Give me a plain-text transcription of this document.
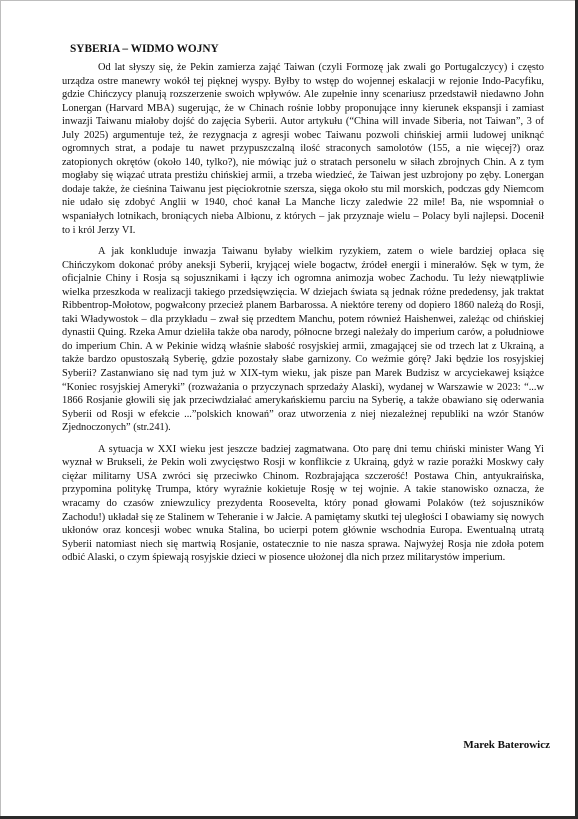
SYBERIA – WIDMO WOJNY

Od lat słyszy się, że Pekin zamierza zająć Taiwan (czyli Formozę jak zwali go Portugalczycy) i często urządza ostre manewry wokół tej pięknej wyspy. Byłby to wstęp do wojennej eskalacji w rejonie Indo-Pacyfiku, gdzie Chińczycy planują rozszerzenie swoich wpływów. Ale zupełnie inny scenariusz przedstawił niedawno John Lonergan (Harvard MBA) sugerując, że w Chinach rośnie lobby proponujące inny kierunek ekspansji i zamiast inwazji Taiwanu miałoby dojść do zajęcia Syberii. Autor artykułu (“China will invade Siberia, not Taiwan”, 3 of July 2025) argumentuje też, że rezygnacja z agresji wobec Taiwanu pozwoli chińskiej armii ludowej uniknąć ogromnych strat, a podaje tu nawet przypuszczalną ilość straconych samolotów (155, a nie więcej?) oraz zatopionych okrętów (około 140, tylko?), nie mówiąc już o stratach personelu w siłach zbrojnych Chin. A z tym mogłaby się wiązać utrata prestiżu chińskiej armii, a trzeba wiedzieć, że Taiwan jest uzbrojony po zęby. Lonergan dodaje także, że cieśnina Taiwanu jest pięciokrotnie szersza, sięga około stu mil morskich, podczas gdy Niemcom nie udało się zdobyć Anglii w 1940, choć kanał La Manche liczy zaledwie 22 mile! Ba, nie wspomniał o wspaniałych lotnikach, broniących nieba Albionu, z których – jak przyznaje wielu – Polacy byli najlepsi. Docenił to i król Jerzy VI.

A jak konkluduje inwazja Taiwanu byłaby wielkim ryzykiem, zatem o wiele bardziej opłaca się Chińczykom dokonać próby aneksji Syberii, kryjącej wiele bogactw, źródeł energii i minerałów. Sęk w tym, że oficjalnie Chiny i Rosja są sojusznikami i łączy ich ogromna animozja wobec Zachodu. Tu leży niewątpliwie wielka przeszkoda w realizacji takiego przedsięwzięcia. W dziejach świata są jednak różne prededensy, jak traktat Ribbentrop-Mołotow, pogwałcony przecież planem Barbarossa. A niektóre tereny od dopiero 1860 należą do Rosji, taki Władywostok – dla przykładu – zwał się przedtem Manchu, potem również Haishenwei, zależąc od chińskiej dynastii Quing. Rzeka Amur dzieliła także oba narody, północne brzegi należały do imperium carów, a południowe do imperium Chin. A w Pekinie widzą właśnie słabość rosyjskiej armii, zmagającej sie od trzech lat z Ukrainą, a także bardzo opustoszałą Syberię, gdzie pozostały słabe garnizony. Co weźmie górę? Jaki będzie los rosyjskiej Syberii? Zastanwiano się nad tym już w XIX-tym wieku, jak pisze pan Marek Budzisz w arcyciekawej książce “Koniec rosyjskiej Ameryki” (rozważania o przyczynach sprzedaży Alaski), wydanej w Warszawie w 2023: “...w 1866 Rosjanie głowili się jak przeciwdziałać amerykańskiemu parciu na Syberię, a także obawiano się oderwania Syberii od Rosji w efekcie ...”polskich knowań” oraz utworzenia z niej niezależnej republiki na wzór Stanów Zjednoczonych” (str.241).

A sytuacja w XXI wieku jest jeszcze badziej zagmatwana. Oto parę dni temu chiński minister Wang Yi wyznał w Brukseli, że Pekin woli zwycięstwo Rosji w konflikcie z Ukrainą, gdyż w razie porażki Moskwy cały ciężar militarny USA zwróci się przeciwko Chinom. Rozbrajająca szczerość! Postawa Chin, antyukraińska, przypomina politykę Trumpa, który wyraźnie kokietuje Rosję w tej wojnie. A takie stanowisko oznacza, że wracamy do czasów zniewzulicy prezydenta Roosevelta, który ponad głowami Polaków (też sojuszników Zachodu!) układał się ze Stalinem w Teheranie i w Jałcie. A pamiętamy skutki tej uległości I obawiamy się nowych ukłonów oraz koncesji wobec wnuka Stalina, bo ucierpi potem głównie wschodnia Europa. Ewentualną utratą Syberii natomiast niech się martwią Rosjanie, ostatecznie to nie nasza sprawa. Najwyżej Rosja nie zdoła potem odbić Alaski, o czym śpiewają rosyjskie dzieci w piosence ułożonej dla nich przez militarystów imperium.

Marek Baterowicz
